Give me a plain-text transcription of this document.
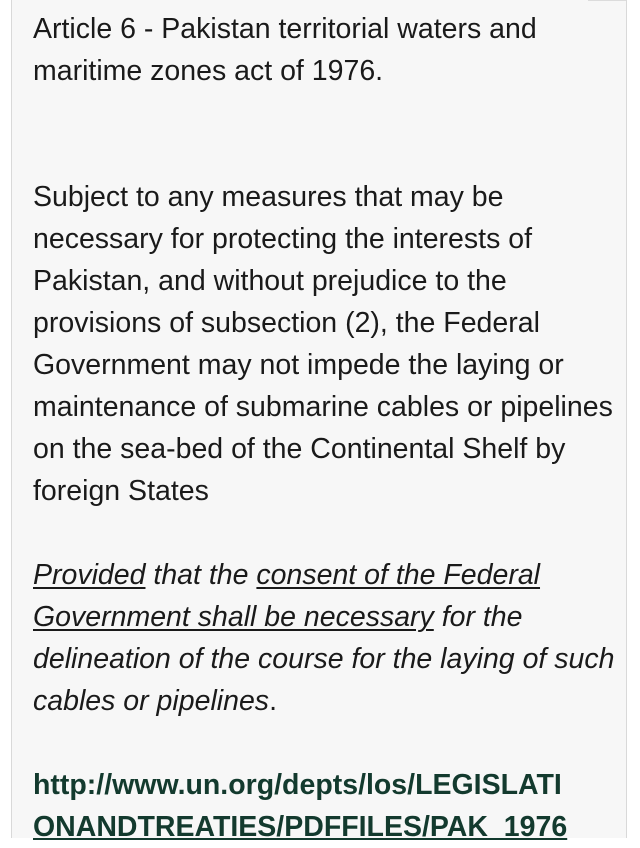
Article 6 - Pakistan territorial waters and maritime zones act of 1976.

Subject to any measures that may be necessary for protecting the interests of Pakistan, and without prejudice to the provisions of subsection (2), the Federal Government may not impede the laying or maintenance of submarine cables or pipelines on the sea-bed of the Continental Shelf by foreign States

Provided that the consent of the Federal Government shall be necessary for the delineation of the course for the laying of such cables or pipelines.

http://www.un.org/depts/los/LEGISLATI
ONANDTREATIES/PDFFILES/PAK_1976
